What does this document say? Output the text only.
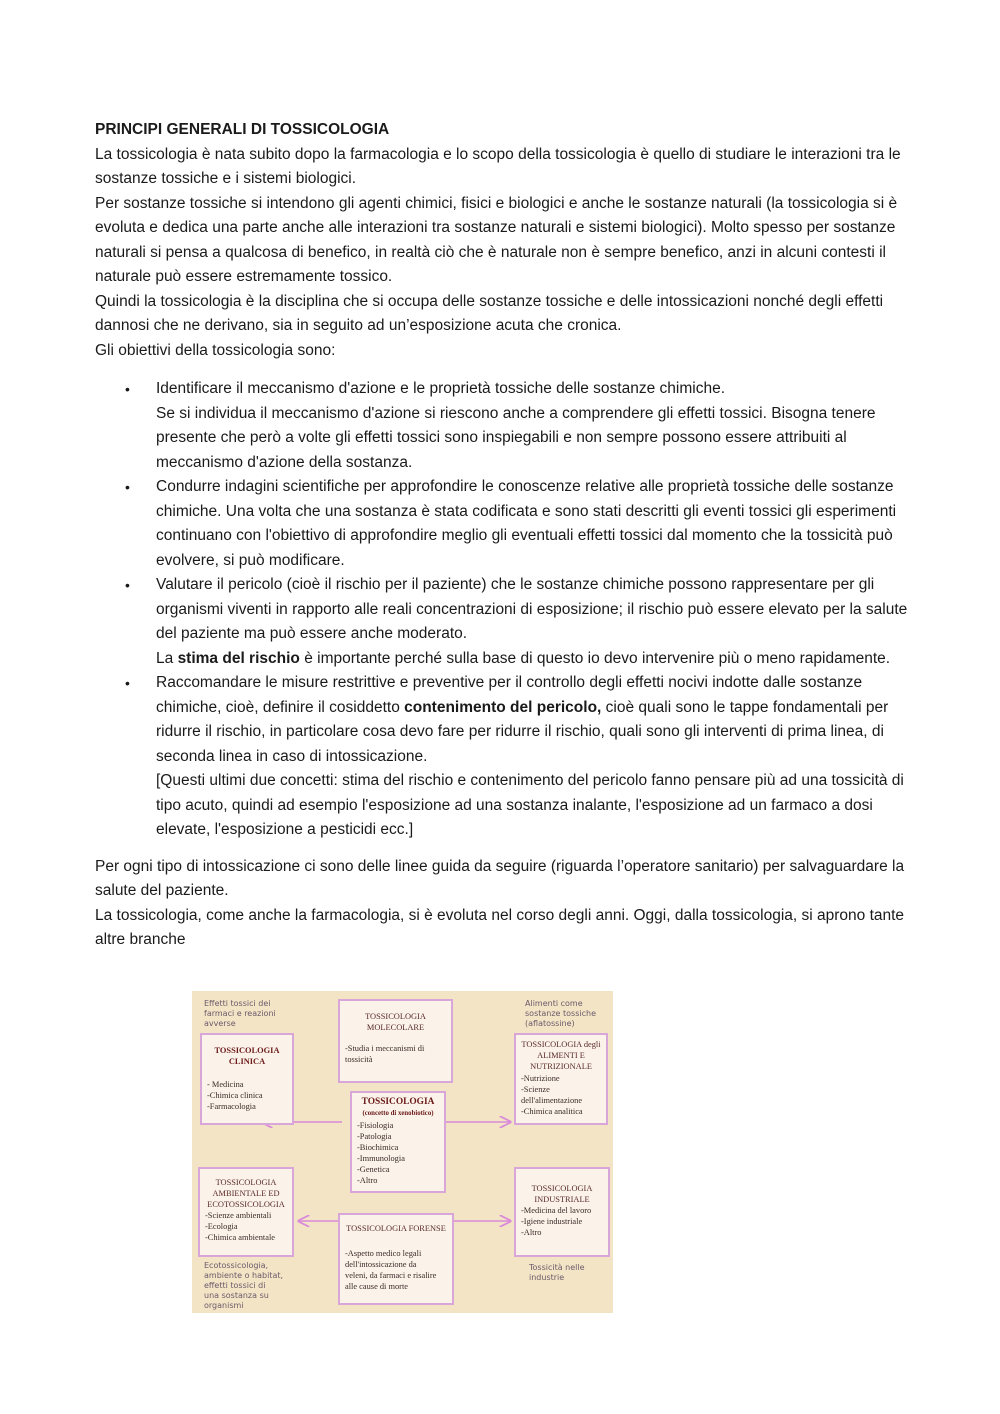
PRINCIPI GENERALI DI TOSSICOLOGIA

La tossicologia è nata subito dopo la farmacologia e lo scopo della tossicologia è quello di studiare le interazioni tra le sostanze tossiche e i sistemi biologici.

Per sostanze tossiche si intendono gli agenti chimici, fisici e biologici e anche le sostanze naturali (la tossicologia si è evoluta e dedica una parte anche alle interazioni tra sostanze naturali e sistemi biologici). Molto spesso per sostanze naturali si pensa a qualcosa di benefico, in realtà ciò che è naturale non è sempre benefico, anzi in alcuni contesti il naturale può essere estremamente tossico.

Quindi la tossicologia è la disciplina che si occupa delle sostanze tossiche e delle intossicazioni nonché degli effetti dannosi che ne derivano, sia in seguito ad un’esposizione acuta che cronica.

Gli obiettivi della tossicologia sono:

• Identificare il meccanismo d'azione e le proprietà tossiche delle sostanze chimiche.

Se si individua il meccanismo d'azione si riescono anche a comprendere gli effetti tossici. Bisogna tenere presente che però a volte gli effetti tossici sono inspiegabili e non sempre possono essere attribuiti al meccanismo d'azione della sostanza.

• Condurre indagini scientifiche per approfondire le conoscenze relative alle proprietà tossiche delle sostanze chimiche. Una volta che una sostanza è stata codificata e sono stati descritti gli eventi tossici gli esperimenti continuano con l'obiettivo di approfondire meglio gli eventuali effetti tossici dal momento che la tossicità può evolvere, si può modificare.

• Valutare il pericolo (cioè il rischio per il paziente) che le sostanze chimiche possono rappresentare per gli organismi viventi in rapporto alle reali concentrazioni di esposizione; il rischio può essere elevato per la salute del paziente ma può essere anche moderato.

La stima del rischio è importante perché sulla base di questo io devo intervenire più o meno rapidamente.

• Raccomandare le misure restrittive e preventive per il controllo degli effetti nocivi indotte dalle sostanze chimiche, cioè, definire il cosiddetto contenimento del pericolo, cioè quali sono le tappe fondamentali per ridurre il rischio, in particolare cosa devo fare per ridurre il rischio, quali sono gli interventi di prima linea, di seconda linea in caso di intossicazione.

[Questi ultimi due concetti: stima del rischio e contenimento del pericolo fanno pensare più ad una tossicità di tipo acuto, quindi ad esempio l'esposizione ad una sostanza inalante, l'esposizione ad un farmaco a dosi elevate, l'esposizione a pesticidi ecc.]

Per ogni tipo di intossicazione ci sono delle linee guida da seguire (riguarda l’operatore sanitario) per salvaguardare la salute del paziente.

La tossicologia, come anche la farmacologia, si è evoluta nel corso degli anni. Oggi, dalla tossicologia, si aprono tante altre branche

Effetti tossici dei
farmaci e reazioni
avverse
Alimenti come
sostanze tossiche
(aflatossine)
Ecotossicologia,
ambiente o habitat,
effetti tossici di
una sostanza su
organismi
Tossicità nelle
industrie
TOSSICOLOGIA
CLINICA
- Medicina
-Chimica clinica
-Farmacologia
TOSSICOLOGIA
MOLECOLARE
-Studia i meccanismi di
tossicità
TOSSICOLOGIA degli
ALIMENTI E
NUTRIZIONALE
-Nutrizione
-Scienze
dell'alimentazione
-Chimica analitica
TOSSICOLOGIA
(concetto di xenobiotico)
-Fisiologia
-Patologia
-Biochimica
-Immunologia
-Genetica
-Altro
TOSSICOLOGIA
AMBIENTALE ED
ECOTOSSICOLOGIA
-Scienze ambientali
-Ecologia
-Chimica ambientale
TOSSICOLOGIA
INDUSTRIALE
-Medicina del lavoro
-Igiene industriale
-Altro
TOSSICOLOGIA FORENSE
-Aspetto medico legali
dell'intossicazione da
veleni, da farmaci e risalire
alle cause di morte
